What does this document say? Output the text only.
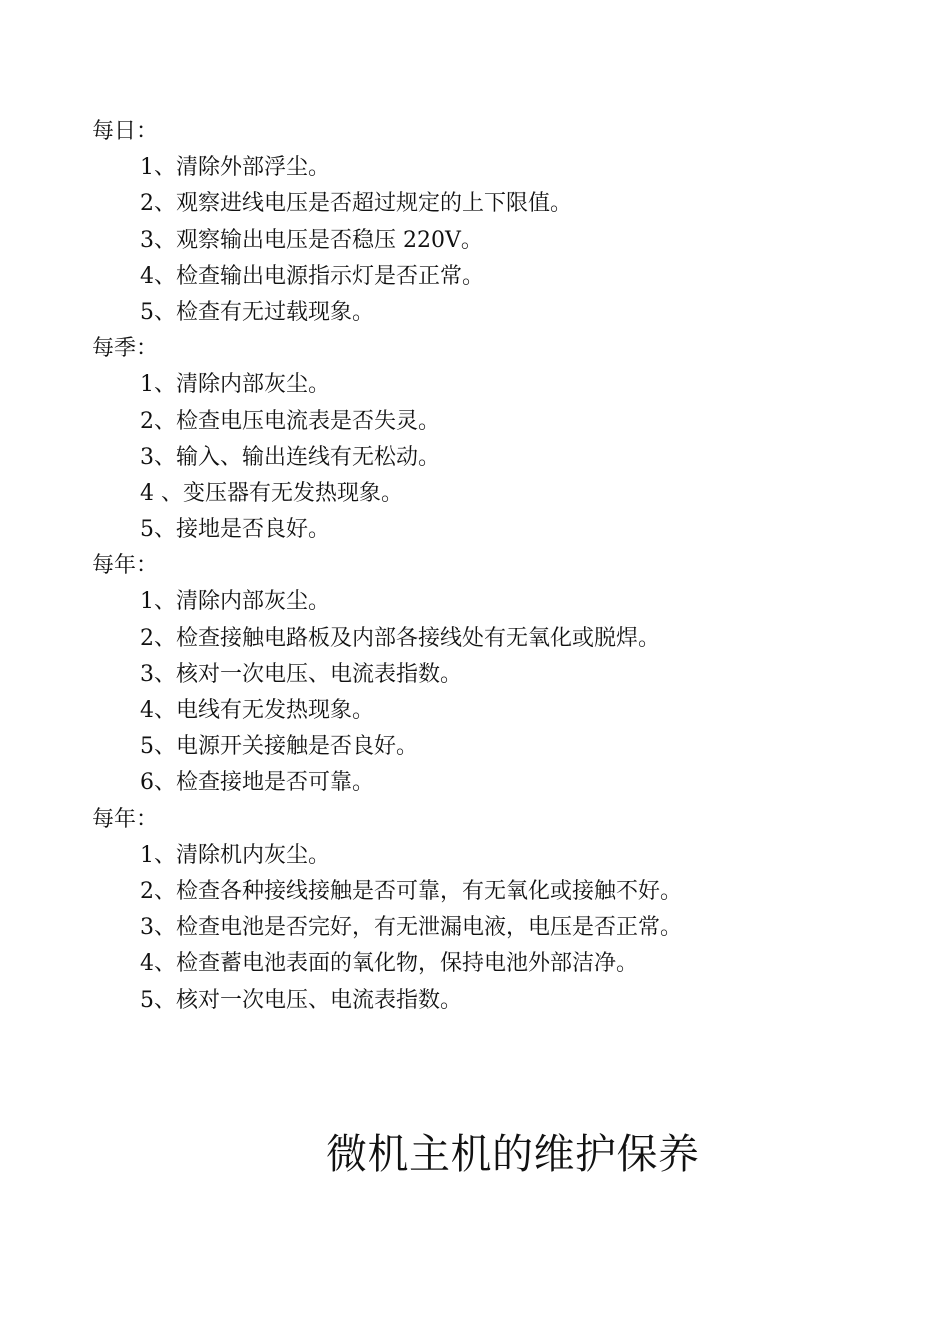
每日：
1、清除外部浮尘。
2、观察进线电压是否超过规定的上下限值。
3、观察输出电压是否稳压 220V。
4、检查输出电源指示灯是否正常。
5、检查有无过载现象。
每季：
1、清除内部灰尘。
2、检查电压电流表是否失灵。
3、输入、输出连线有无松动。
4 、变压器有无发热现象。
5、接地是否良好。
每年：
1、清除内部灰尘。
2、检查接触电路板及内部各接线处有无氧化或脱焊。
3、核对一次电压、电流表指数。
4、电线有无发热现象。
5、电源开关接触是否良好。
6、检查接地是否可靠。
每年：
1、清除机内灰尘。
2、检查各种接线接触是否可靠，有无氧化或接触不好。
3、检查电池是否完好，有无泄漏电液，电压是否正常。
4、检查蓄电池表面的氧化物，保持电池外部洁净。
5、核对一次电压、电流表指数。
微机主机的维护保养
